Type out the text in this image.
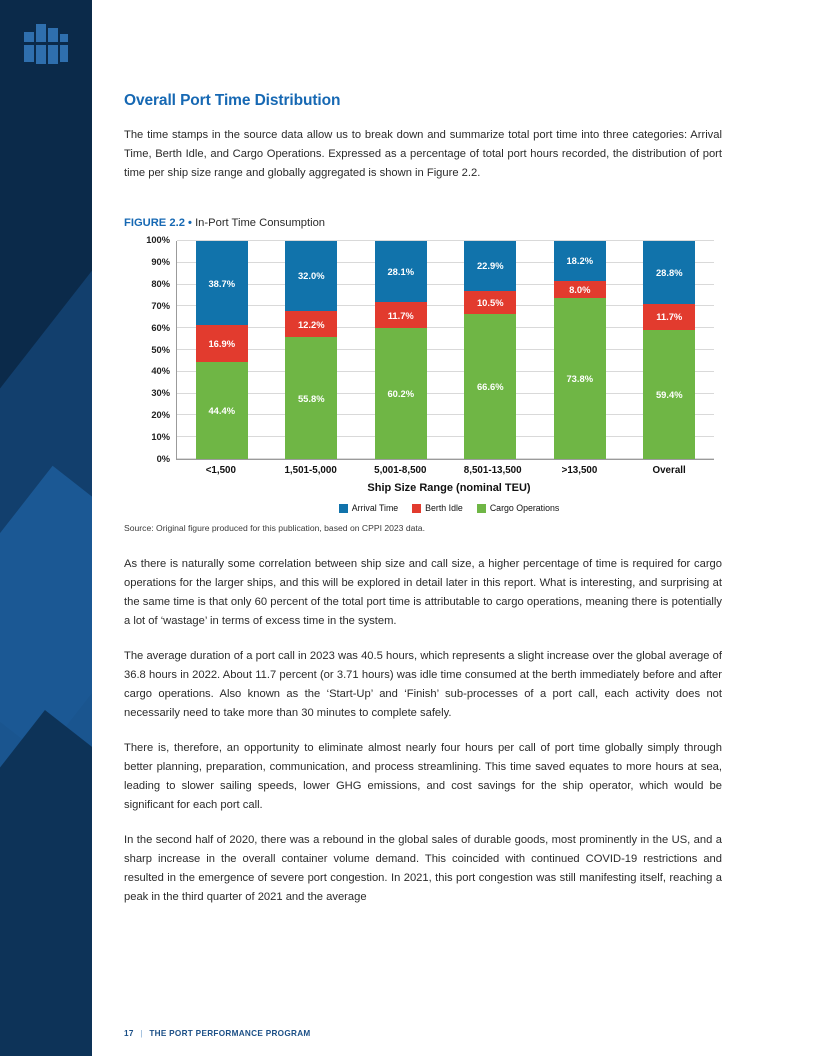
Overall Port Time Distribution

The time stamps in the source data allow us to break down and summarize total port time into three categories: Arrival Time, Berth Idle, and Cargo Operations. Expressed as a percentage of total port hours recorded, the distribution of port time per ship size range and globally aggregated is shown in Figure 2.2.

FIGURE 2.2 • In-Port Time Consumption
100%
90%
80%
70%
60%
50%
40%
30%
20%
10%
0%
38.7%
16.9%
44.4%
32.0%
12.2%
55.8%
28.1%
11.7%
60.2%
22.9%
10.5%
66.6%
18.2%
8.0%
73.8%
28.8%
11.7%
59.4%
<1,500	1,501-5,000	5,001-8,500	8,501-13,500	>13,500	Overall
Ship Size Range (nominal TEU)
Arrival Time	Berth Idle	Cargo Operations
Source: Original figure produced for this publication, based on CPPI 2023 data.

As there is naturally some correlation between ship size and call size, a higher percentage of time is required for cargo operations for the larger ships, and this will be explored in detail later in this report. What is interesting, and surprising at the same time is that only 60 percent of the total port time is attributable to cargo operations, meaning there is potentially a lot of ‘wastage’ in terms of excess time in the system.

The average duration of a port call in 2023 was 40.5 hours, which represents a slight increase over the global average of 36.8 hours in 2022. About 11.7 percent (or 3.71 hours) was idle time consumed at the berth immediately before and after cargo operations. Also known as the ‘Start-Up’ and ‘Finish’ sub-processes of a port call, each activity does not necessarily need to take more than 30 minutes to complete safely.

There is, therefore, an opportunity to eliminate almost nearly four hours per call of port time globally simply through better planning, preparation, communication, and process streamlining. This time saved equates to more hours at sea, leading to slower sailing speeds, lower GHG emissions, and cost savings for the ship operator, which would be significant for each port call.

In the second half of 2020, there was a rebound in the global sales of durable goods, most prominently in the US, and a sharp increase in the overall container volume demand. This coincided with continued COVID-19 restrictions and resulted in the emergence of severe port congestion. In 2021, this port congestion was still manifesting itself, reaching a peak in the third quarter of 2021 and the average

17 | THE PORT PERFORMANCE PROGRAM
